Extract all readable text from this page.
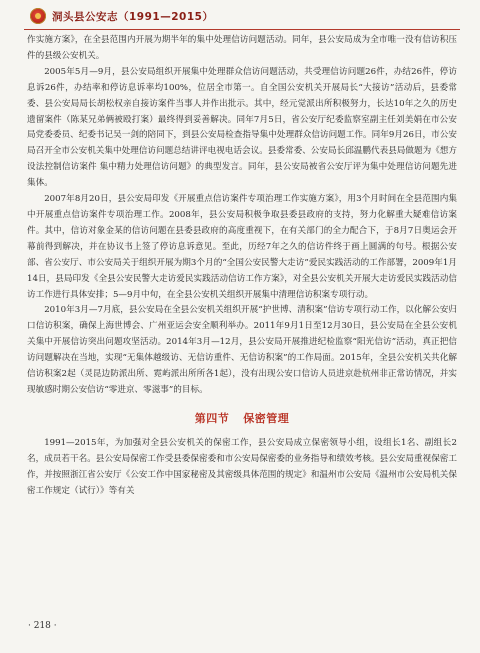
洞头县公安志（1991—2015）

作实施方案》，在全县范围内开展为期半年的集中处理信访问题活动。同年，县公安局成为全市唯一没有信访积压件的县级公安机关。

2005年5月—9月，县公安局组织开展集中处理群众信访问题活动，共受理信访问题26件，办结26件，停访息诉26件，办结率和停访息诉率均100%，位居全市第一。自全国公安机关开展局长“大接访”活动后，县委常委、县公安局局长胡松权亲自接访案件当事人并作出批示。其中，经元觉派出所积极努力，长达10年之久的历史遗留案件（陈某兄弟俩被殴打案）最终得到妥善解决。同年7月5日，省公安厅纪委监察室副主任刘美娟在市公安局党委委员、纪委书记吴一剑的陪同下，到县公安局检查指导集中处理群众信访问题工作。同年9月26日，市公安局召开全市公安机关集中处理信访问题总结讲评电视电话会议。县委常委、公安局长邱温鹏代表县局做题为《想方设法控制信访案件 集中精力处理信访问题》的典型发言。同年，县公安局被省公安厅评为集中处理信访问题先进集体。

2007年8月20日，县公安局印发《开展重点信访案件专项治理工作实施方案》，用3个月时间在全县范围内集中开展重点信访案件专项治理工作。2008年，县公安局积极争取县委县政府的支持，努力化解重大疑难信访案件。其中，信访对象金某的信访问题在县委县政府的高度重视下，在有关部门的全力配合下，于8月7日奥运会开幕前得到解决，并在协议书上签了停访息诉意见。至此，历经7年之久的信访件终于画上圆满的句号。根据公安部、省公安厅、市公安局关于组织开展为期3个月的“全国公安民警大走访”爱民实践活动的工作部署，2009年1月14日，县局印发《全县公安民警大走访爱民实践活动信访工作方案》，对全县公安机关开展大走访爱民实践活动信访工作进行具体安排；5—9月中旬，在全县公安机关组织开展集中清理信访积案专项行动。

2010年3月—7月底，县公安局在全县公安机关组织开展“护世博、清积案”信访专项行动工作，以化解公安归口信访积案，确保上海世博会、广州亚运会安全顺利举办。2011年9月1日至12月30日，县公安局在全县公安机关集中开展信访突出问题攻坚活动。2014年3月—12月，县公安局开展推进纪检监察“阳光信访”活动，真正把信访问题解决在当地，实现“无集体越级访、无信访重件、无信访积案”的工作局面。2015年，全县公安机关共化解信访积案2起（灵昆边防派出所、霓屿派出所所各1起），没有出现公安口信访人员进京赴杭州非正常访情况，并实现敏感时期公安信访“零进京、零滋事”的目标。

第四节 保密管理

1991—2015年，为加强对全县公安机关的保密工作，县公安局成立保密领导小组，设组长1名、副组长2名，成员若干名。县公安局保密工作受县委保密委和市公安局保密委的业务指导和绩效考核。县公安局重视保密工作，并按照浙江省公安厅《公安工作中国家秘密及其密级具体范围的规定》和温州市公安局《温州市公安局机关保密工作规定（试行）》等有关

· 218 ·
